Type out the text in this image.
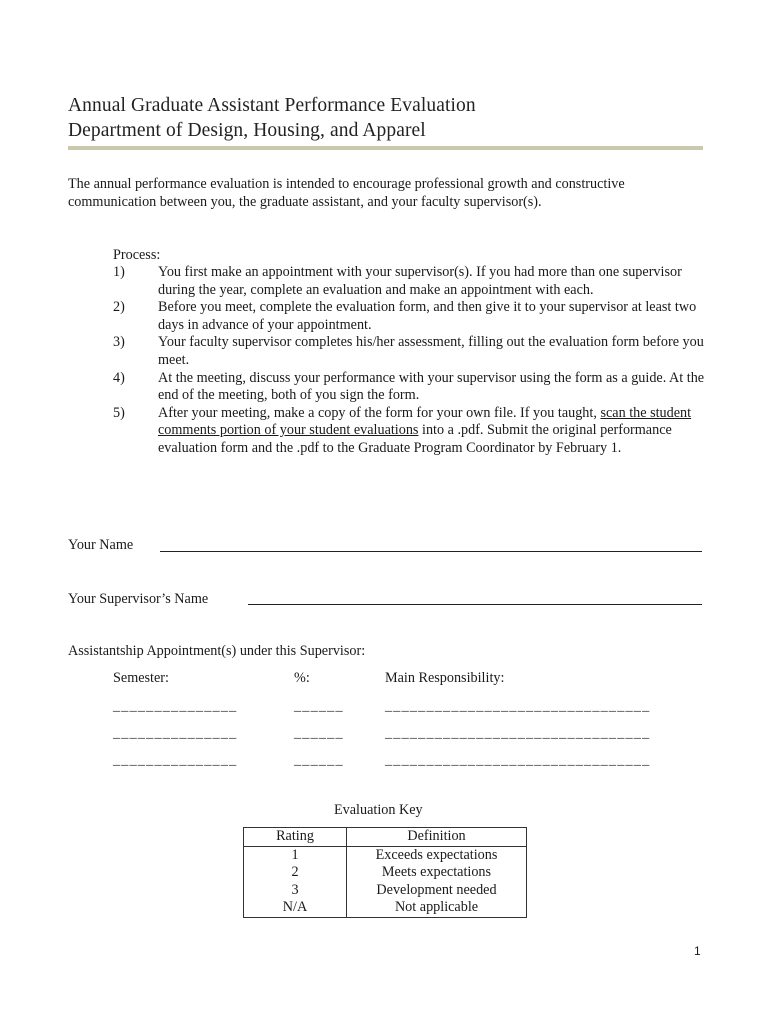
Annual Graduate Assistant Performance Evaluation
Department of Design, Housing, and Apparel
The annual performance evaluation is intended to encourage professional growth and constructive communication between you, the graduate assistant, and your faculty supervisor(s).
Process:
1)	You first make an appointment with your supervisor(s). If you had more than one supervisor during the year, complete an evaluation and make an appointment with each.
2)	Before you meet, complete the evaluation form, and then give it to your supervisor at least two days in advance of your appointment.
3)	Your faculty supervisor completes his/her assessment, filling out the evaluation form before you meet.
4)	At the meeting, discuss your performance with your supervisor using the form as a guide. At the end of the meeting, both of you sign the form.
5)	After your meeting, make a copy of the form for your own file. If you taught, scan the student comments portion of your student evaluations into a .pdf. Submit the original performance evaluation form and the .pdf to the Graduate Program Coordinator by February 1.
Your Name
Your Supervisor’s Name
Assistantship Appointment(s) under this Supervisor:
Semester:	%:	Main Responsibility:
_______________	______	________________________________
_______________	______	________________________________
_______________	______	________________________________
Evaluation Key
Rating	Definition
1	Exceeds expectations
2	Meets expectations
3	Development needed
N/A	Not applicable
1
